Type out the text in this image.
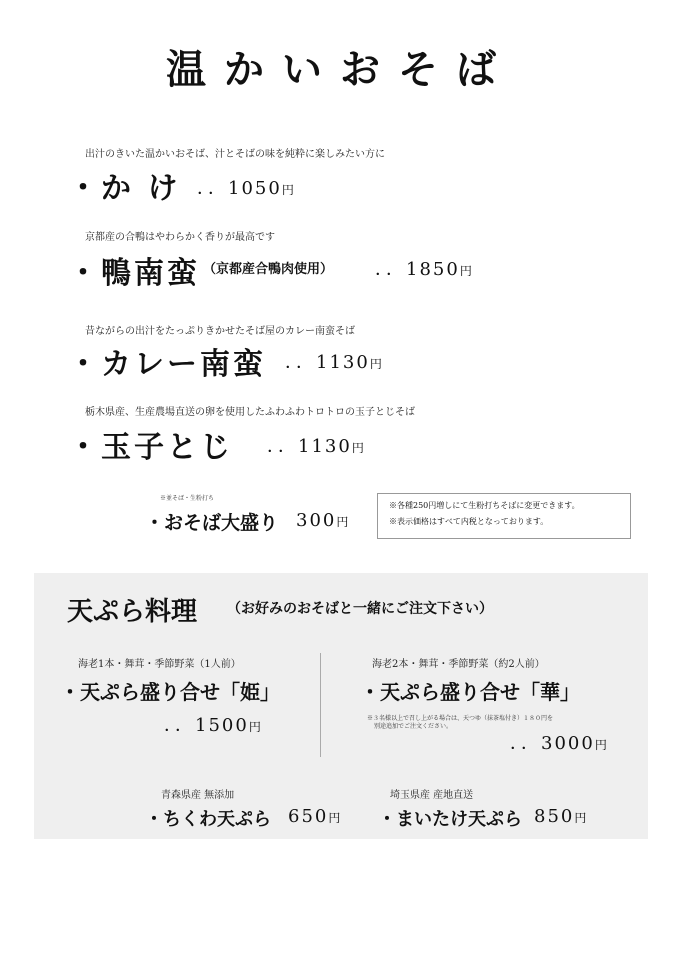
温かいおそば
出汁のきいた温かいおそば、汁とそばの味を純粋に楽しみたい方に
・か け ．．1050円
京都産の合鴨はやわらかく香りが最高です
・鴨南蛮 （京都産合鴨肉使用） ．．1850円
昔ながらの出汁をたっぷりきかせたそば屋のカレー南蛮そば
・カレー南蛮 ．．1130円
栃木県産、生産農場直送の卵を使用したふわふわトロトロの玉子とじそば
・玉子とじ ．．1130円
※並そば・生粉打ち
・おそば大盛り 300円
※各種250円増しにて生粉打ちそばに変更できます。
※表示価格はすべて内税となっております。
天ぷら料理 （お好みのおそばと一緒にご注文下さい）
海老1本・舞茸・季節野菜（1人前）
・天ぷら盛り合せ「姫」
．．1500円
海老2本・舞茸・季節野菜（約2人前）
・天ぷら盛り合せ「華」
※３名様以上で召し上がる場合は、天つゆ（抹茶塩付き）１８０円を
別途追加でご注文ください。
．．3000円
青森県産 無添加
・ちくわ天ぷら 650円
埼玉県産 産地直送
・まいたけ天ぷら 850円
